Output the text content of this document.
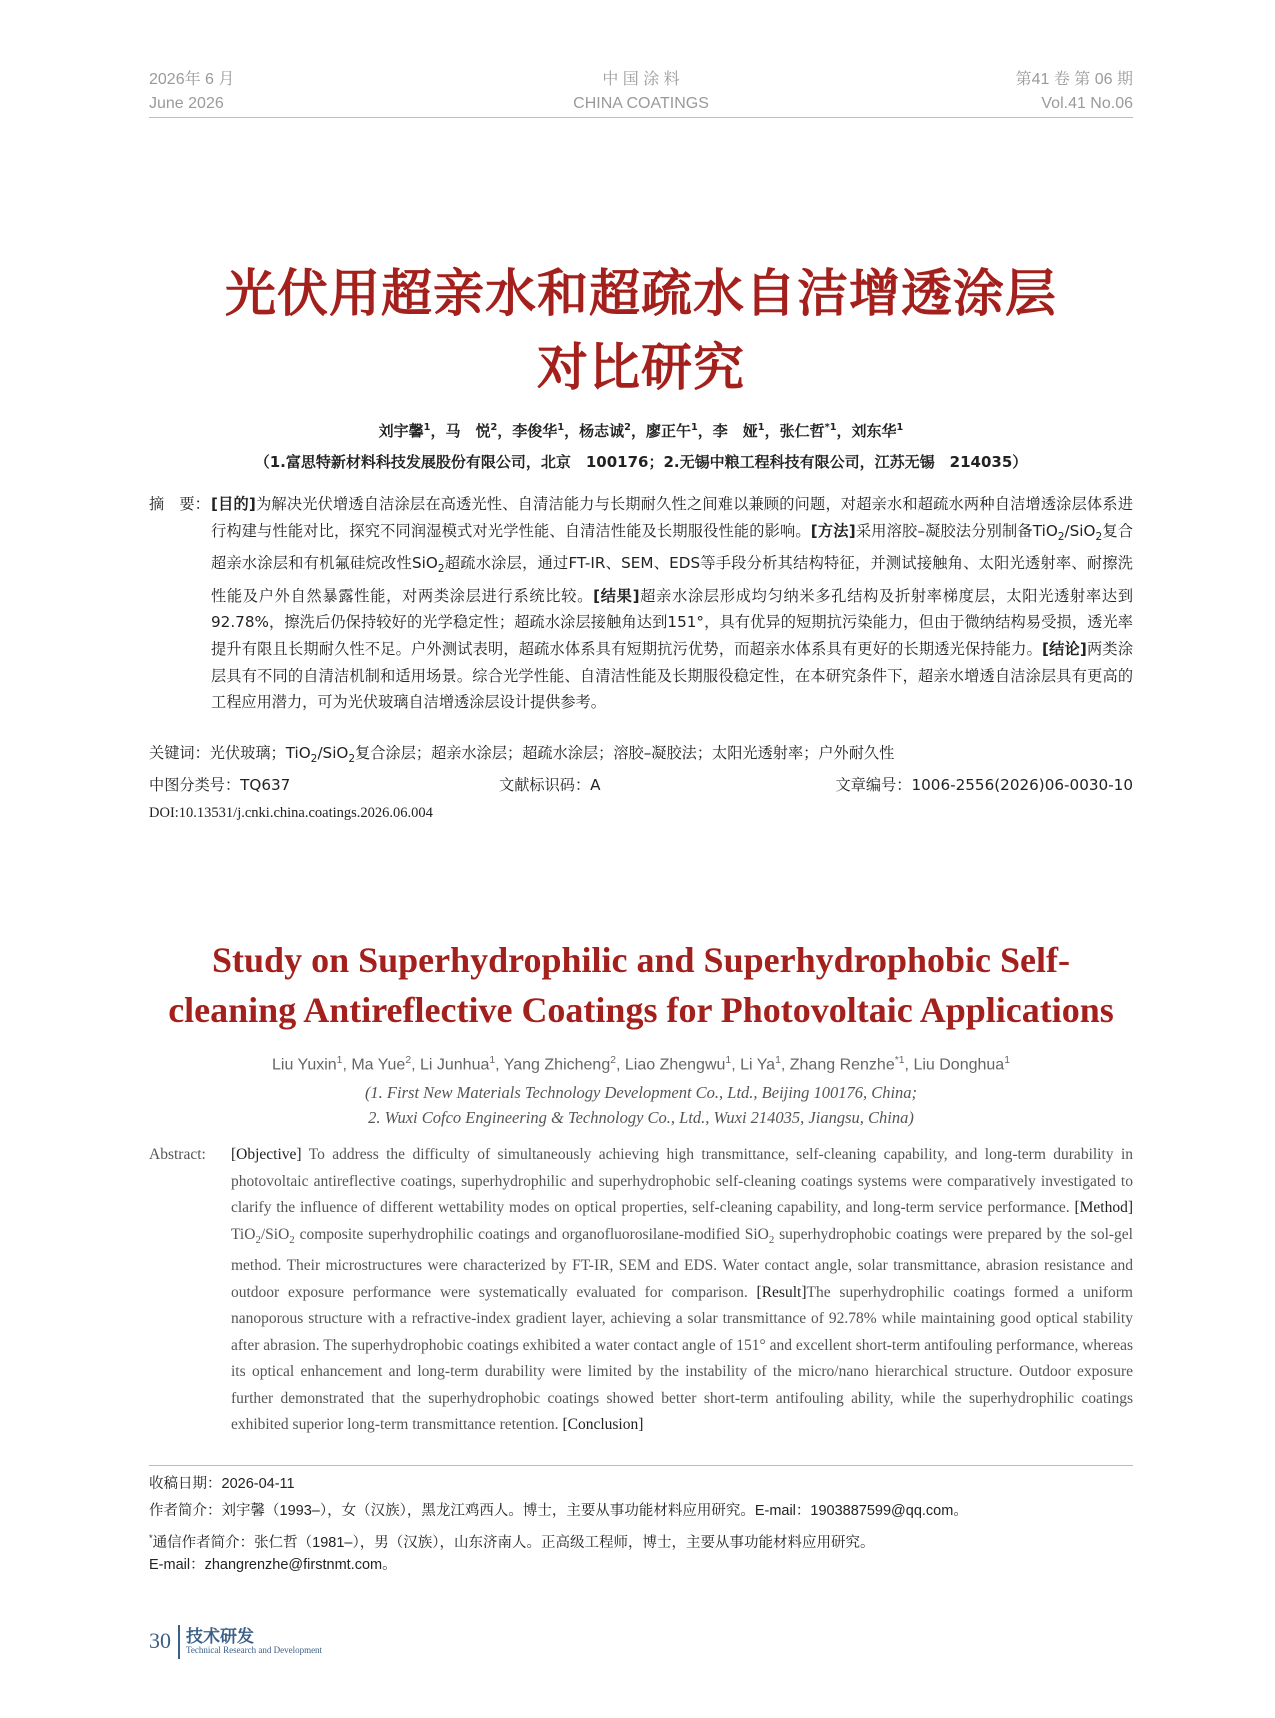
2026年 6 月
June 2026
中 国 涂 料
CHINA COATINGS
第41 卷 第 06 期
Vol.41 No.06
光伏用超亲水和超疏水自洁增透涂层
对比研究
刘宇馨$^1$，马　悦$^2$，李俊华$^1$，杨志诚$^2$，廖正午$^1$，李　娅$^1$，张仁哲$^{*1}$，刘东华$^1$
（1.富思特新材料科技发展股份有限公司，北京　100176；2.无锡中粮工程科技有限公司，江苏无锡　214035）
摘　要： [目的]为解决光伏增透自洁涂层在高透光性、自清洁能力与长期耐久性之间难以兼顾的问题，对超亲水和超疏水两种自洁增透涂层体系进行构建与性能对比，探究不同润湿模式对光学性能、自清洁性能及长期服役性能的影响。[方法]采用溶胶–凝胶法分别制备TiO$_2$/SiO$_2$复合超亲水涂层和有机氟硅烷改性SiO$_2$超疏水涂层，通过FT-IR、SEM、EDS等手段分析其结构特征，并测试接触角、太阳光透射率、耐擦洗性能及户外自然暴露性能，对两类涂层进行系统比较。[结果]超亲水涂层形成均匀纳米多孔结构及折射率梯度层，太阳光透射率达到92.78%，擦洗后仍保持较好的光学稳定性；超疏水涂层接触角达到151°，具有优异的短期抗污染能力，但由于微纳结构易受损，透光率提升有限且长期耐久性不足。户外测试表明，超疏水体系具有短期抗污优势，而超亲水体系具有更好的长期透光保持能力。[结论]两类涂层具有不同的自清洁机制和适用场景。综合光学性能、自清洁性能及长期服役稳定性，在本研究条件下，超亲水增透自洁涂层具有更高的工程应用潜力，可为光伏玻璃自洁增透涂层设计提供参考。
关键词：光伏玻璃；TiO$_2$/SiO$_2$复合涂层；超亲水涂层；超疏水涂层；溶胶–凝胶法；太阳光透射率；户外耐久性
中图分类号：TQ637	文献标识码：A	文章编号：1006-2556(2026)06-0030-10
DOI:10.13531/j.cnki.china.coatings.2026.06.004
Study on Superhydrophilic and Superhydrophobic Self-
cleaning Antireflective Coatings for Photovoltaic Applications
Liu Yuxin$^1$, Ma Yue$^2$, Li Junhua$^1$, Yang Zhicheng$^2$, Liao Zhengwu$^1$, Li Ya$^1$, Zhang Renzhe$^{*1}$, Liu Donghua$^1$
(1. First New Materials Technology Development Co., Ltd., Beijing 100176, China;
2. Wuxi Cofco Engineering & Technology Co., Ltd., Wuxi 214035, Jiangsu, China)
Abstract: [Objective] To address the difficulty of simultaneously achieving high transmittance, self-cleaning capability, and long-term durability in photovoltaic antireflective coatings, superhydrophilic and superhydrophobic self-cleaning coatings systems were comparatively investigated to clarify the influence of different wettability modes on optical properties, self-cleaning capability, and long-term service performance. [Method] TiO$_2$/SiO$_2$ composite superhydrophilic coatings and organofluorosilane-modified SiO$_2$ superhydrophobic coatings were prepared by the sol-gel method. Their microstructures were characterized by FT-IR, SEM and EDS. Water contact angle, solar transmittance, abrasion resistance and outdoor exposure performance were systematically evaluated for comparison. [Result]The superhydrophilic coatings formed a uniform nanoporous structure with a refractive-index gradient layer, achieving a solar transmittance of 92.78% while maintaining good optical stability after abrasion. The superhydrophobic coatings exhibited a water contact angle of 151° and excellent short-term antifouling performance, whereas its optical enhancement and long-term durability were limited by the instability of the micro/nano hierarchical structure. Outdoor exposure further demonstrated that the superhydrophobic coatings showed better short-term antifouling ability, while the superhydrophilic coatings exhibited superior long-term transmittance retention. [Conclusion]
收稿日期：2026-04-11
作者简介：刘宇馨（1993–），女（汉族），黑龙江鸡西人。博士，主要从事功能材料应用研究。E-mail：1903887599@qq.com。
*通信作者简介：张仁哲（1981–），男（汉族），山东济南人。正高级工程师，博士，主要从事功能材料应用研究。
E-mail：zhangrenzhe@firstnmt.com。
30 技术研发
Technical Research and Development
